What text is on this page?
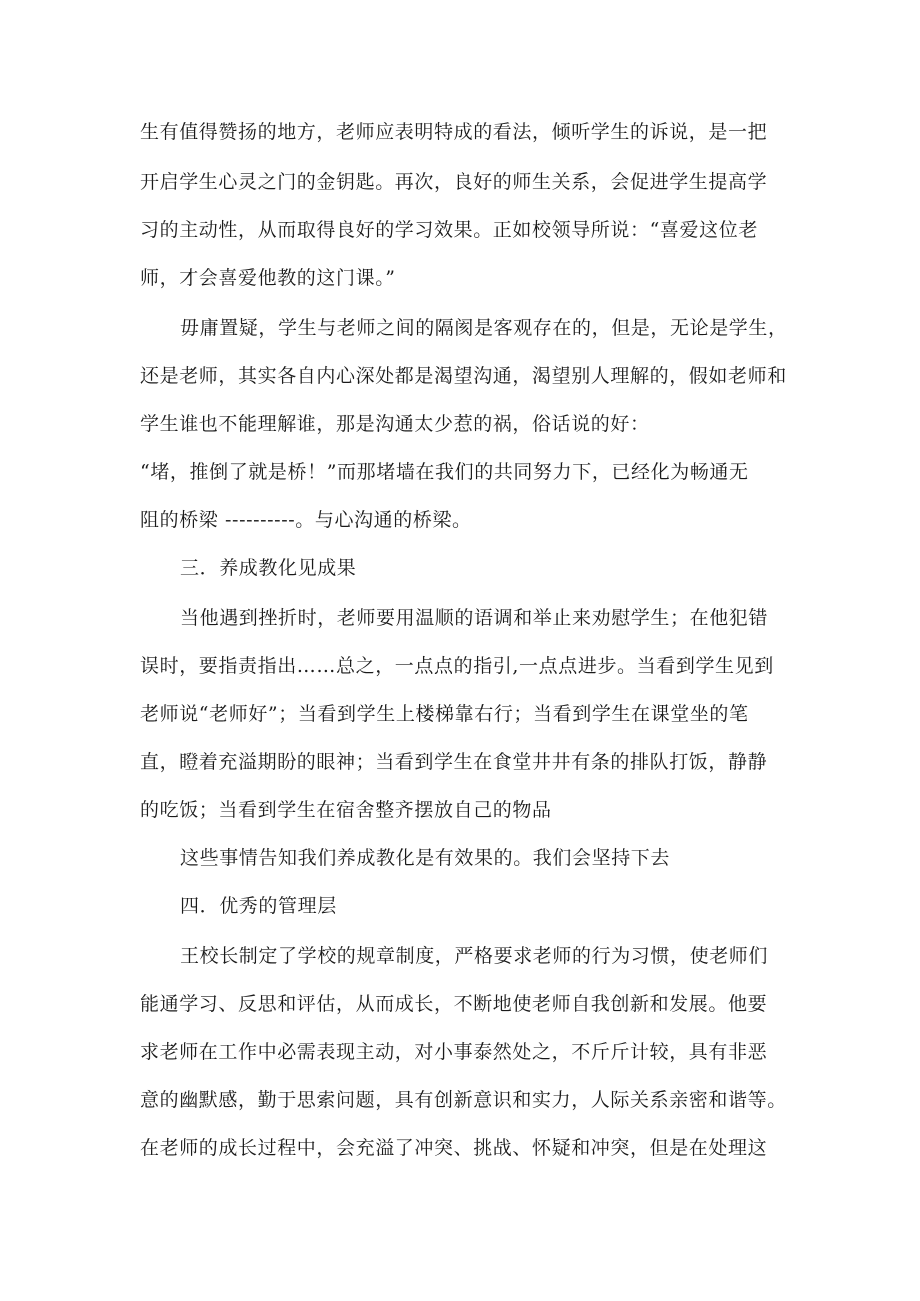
生有值得赞扬的地方，老师应表明特成的看法，倾听学生的诉说，是一把
开启学生心灵之门的金钥匙。再次，良好的师生关系，会促进学生提高学
习的主动性，从而取得良好的学习效果。正如校领导所说：“喜爱这位老
师，才会喜爱他教的这门课。”
毋庸置疑，学生与老师之间的隔阂是客观存在的，但是，无论是学生，
还是老师，其实各自内心深处都是渴望沟通，渴望别人理解的，假如老师和
学生谁也不能理解谁，那是沟通太少惹的祸，俗话说的好：
“堵，推倒了就是桥！”而那堵墙在我们的共同努力下，已经化为畅通无
阻的桥梁 ----------。与心沟通的桥梁。
三．养成教化见成果
当他遇到挫折时，老师要用温顺的语调和举止来劝慰学生；在他犯错
误时，要指责指出……总之，一点点的指引,一点点进步。当看到学生见到
老师说“老师好”；当看到学生上楼梯靠右行；当看到学生在课堂坐的笔
直，瞪着充溢期盼的眼神；当看到学生在食堂井井有条的排队打饭，静静
的吃饭；当看到学生在宿舍整齐摆放自己的物品
这些事情告知我们养成教化是有效果的。我们会坚持下去
四．优秀的管理层
王校长制定了学校的规章制度，严格要求老师的行为习惯，使老师们
能通学习、反思和评估，从而成长，不断地使老师自我创新和发展。他要
求老师在工作中必需表现主动，对小事泰然处之，不斤斤计较，具有非恶
意的幽默感，勤于思索问题，具有创新意识和实力，人际关系亲密和谐等。
在老师的成长过程中，会充溢了冲突、挑战、怀疑和冲突，但是在处理这
